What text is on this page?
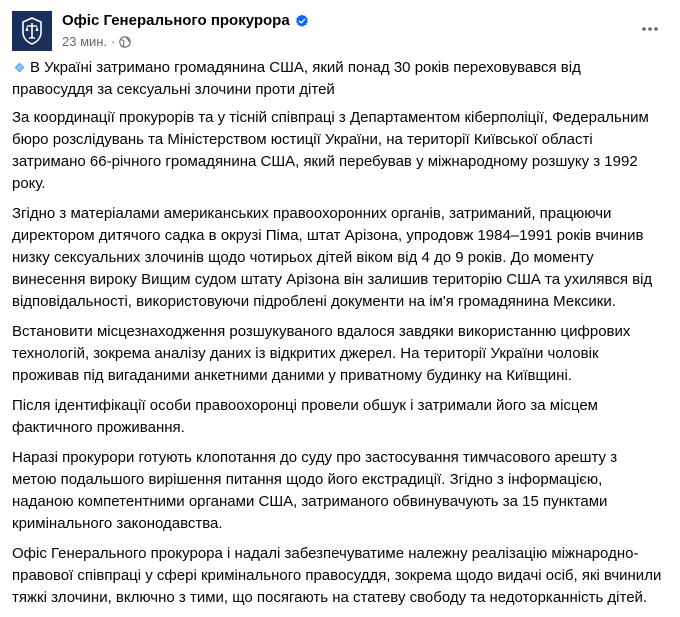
Офіс Генерального прокурора
23 мин. ·
В Україні затримано громадянина США, який понад 30 років переховувався від правосуддя за сексуальні злочини проти дітей
За координації прокурорів та у тісній співпраці з Департаментом кіберполіції, Федеральним бюро розслідувань та Міністерством юстиції України, на території Київської області затримано 66-річного громадянина США, який перебував у міжнародному розшуку з 1992 року.
Згідно з матеріалами американських правоохоронних органів, затриманий, працюючи директором дитячого садка в окрузі Піма, штат Арізона, упродовж 1984–1991 років вчинив низку сексуальних злочинів щодо чотирьох дітей віком від 4 до 9 років. До моменту винесення вироку Вищим судом штату Арізона він залишив територію США та ухилявся від відповідальності, використовуючи підроблені документи на ім'я громадянина Мексики.
Встановити місцезнаходження розшукуваного вдалося завдяки використанню цифрових технологій, зокрема аналізу даних із відкритих джерел. На території України чоловік проживав під вигаданими анкетними даними у приватному будинку на Київщині.
Після ідентифікації особи правоохоронці провели обшук і затримали його за місцем фактичного проживання.
Наразі прокурори готують клопотання до суду про застосування тимчасового арешту з метою подальшого вирішення питання щодо його екстрадиції. Згідно з інформацією, наданою компетентними органами США, затриманого обвинувачують за 15 пунктами кримінального законодавства.
Офіс Генерального прокурора і надалі забезпечуватиме належну реалізацію міжнародно-правової співпраці у сфері кримінального правосуддя, зокрема щодо видачі осіб, які вчинили тяжкі злочини, включно з тими, що посягають на статеву свободу та недоторканність дітей.
